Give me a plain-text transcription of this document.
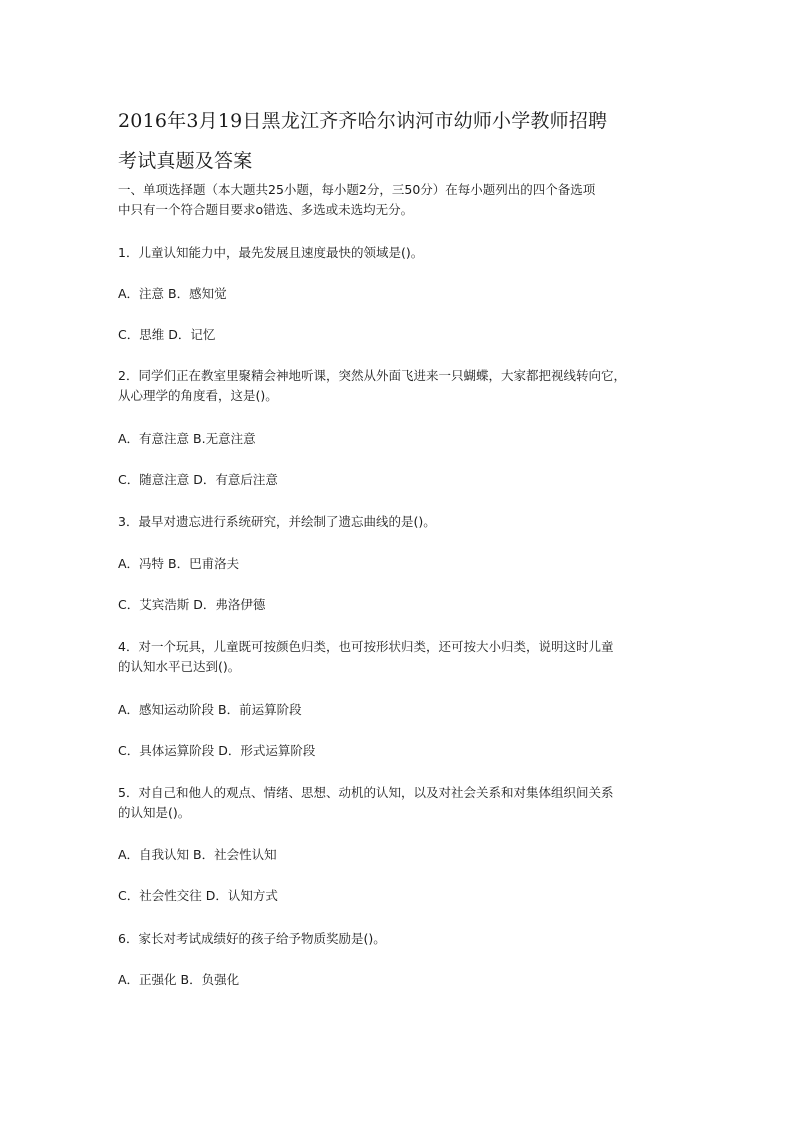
2016年3月19日黑龙江齐齐哈尔讷河市幼师小学教师招聘
考试真题及答案
一、单项选择题（本大题共25小题，每小题2分，三50分）在每小题列出的四个备选项
中只有一个符合题目要求o错选、多选或未选均无分。
1．儿童认知能力中，最先发展且速度最快的领域是()。
A．注意 B．感知觉
C．思维 D．记忆
2．同学们正在教室里聚精会神地听课，突然从外面飞进来一只蝴蝶，大家都把视线转向它，
从心理学的角度看，这是()。
A．有意注意 B.无意注意
C．随意注意 D．有意后注意
3．最早对遗忘进行系统研究，并绘制了遗忘曲线的是()。
A．冯特 B．巴甫洛夫
C．艾宾浩斯 D．弗洛伊德
4．对一个玩具，儿童既可按颜色归类，也可按形状归类，还可按大小归类，说明这时儿童
的认知水平已达到()。
A．感知运动阶段 B．前运算阶段
C．具体运算阶段 D．形式运算阶段
5．对自己和他人的观点、情绪、思想、动机的认知，以及对社会关系和对集体组织间关系
的认知是()。
A．自我认知 B．社会性认知
C．社会性交往 D．认知方式
6．家长对考试成绩好的孩子给予物质奖励是()。
A．正强化 B．负强化
